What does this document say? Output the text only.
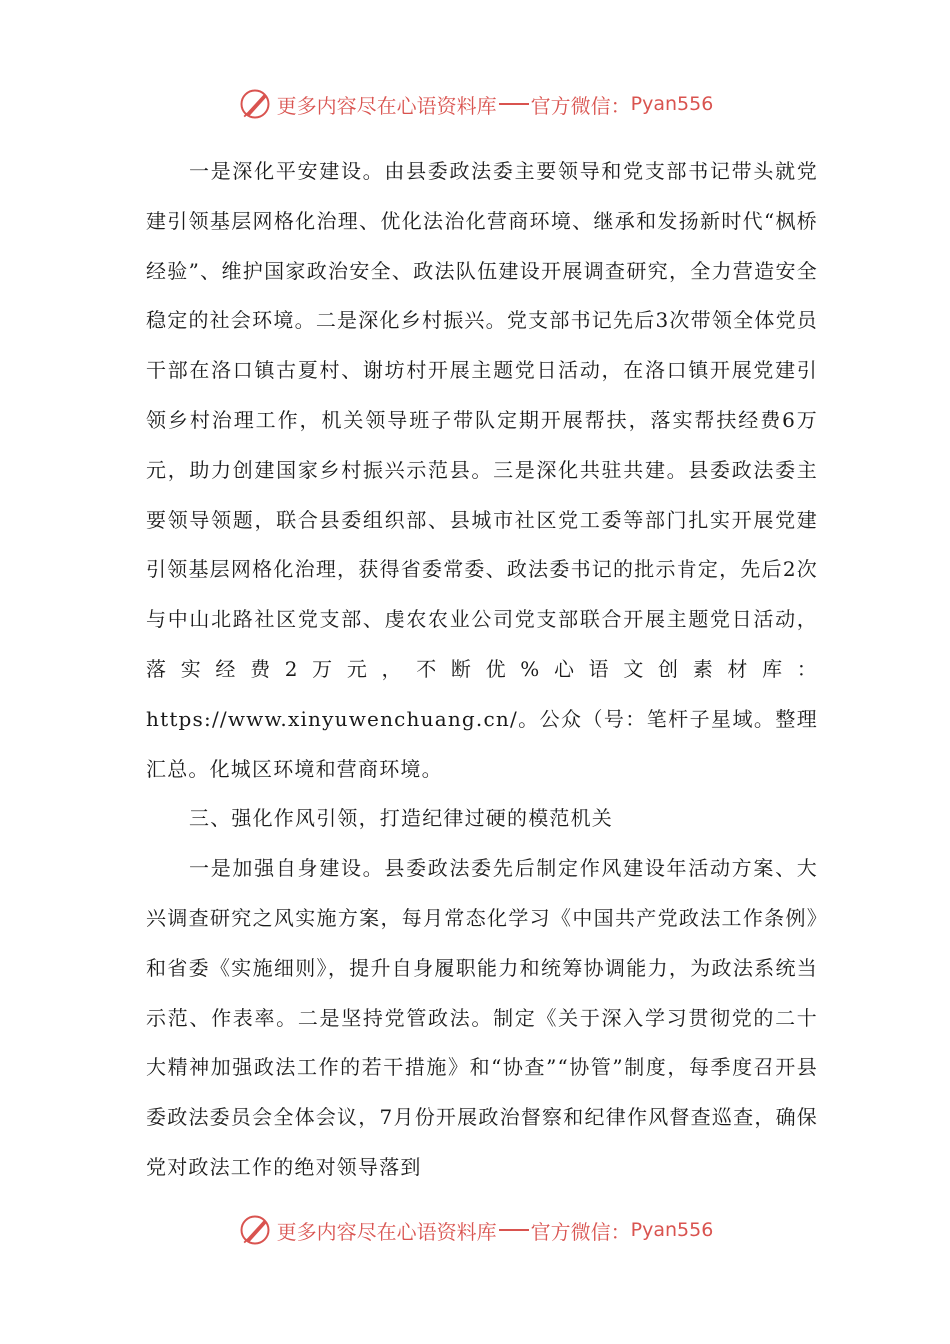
更多内容尽在心语资料库 官方微信： Pyan556

一是深化平安建设。由县委政法委主要领导和党支部书记带头就党建引领基层网格化治理、优化法治化营商环境、继承和发扬新时代“枫桥经验”、维护国家政治安全、政法队伍建设开展调查研究，全力营造安全稳定的社会环境。二是深化乡村振兴。党支部书记先后3次带领全体党员干部在洛口镇古夏村、谢坊村开展主题党日活动，在洛口镇开展党建引领乡村治理工作，机关领导班子带队定期开展帮扶，落实帮扶经费6万元，助力创建国家乡村振兴示范县。三是深化共驻共建。县委政法委主要领导领题，联合县委组织部、县城市社区党工委等部门扎实开展党建引领基层网格化治理，获得省委常委、政法委书记的批示肯定，先后2次与中山北路社区党支部、虔农农业公司党支部联合开展主题党日活动，落实经费2万元，不断优%心语文创素材库：https://www.xinyuwenchuang.cn/。公众（号：笔杆子星域。整理汇总。化城区环境和营商环境。

三、强化作风引领，打造纪律过硬的模范机关

一是加强自身建设。县委政法委先后制定作风建设年活动方案、大兴调查研究之风实施方案，每月常态化学习《中国共产党政法工作条例》和省委《实施细则》，提升自身履职能力和统筹协调能力，为政法系统当示范、作表率。二是坚持党管政法。制定《关于深入学习贯彻党的二十大精神加强政法工作的若干措施》和“协查”“协管”制度，每季度召开县委政法委员会全体会议，7月份开展政治督察和纪律作风督查巡查，确保党对政法工作的绝对领导落到

更多内容尽在心语资料库 官方微信： Pyan556
